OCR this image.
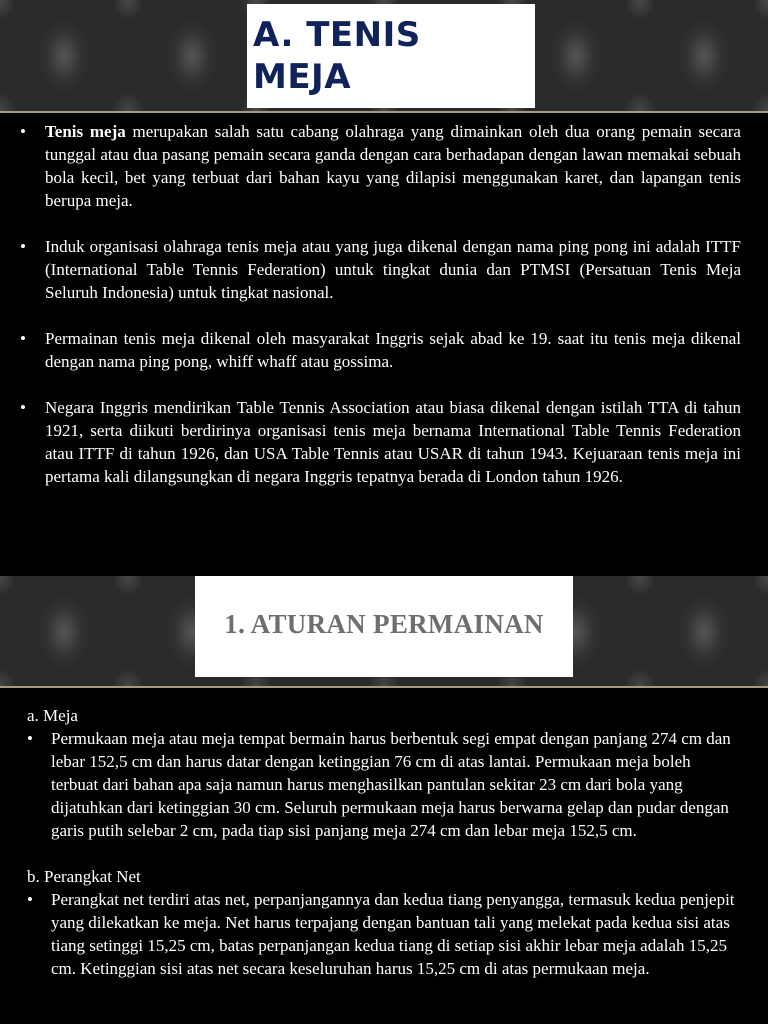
A. TENIS MEJA

• Tenis meja merupakan salah satu cabang olahraga yang dimainkan oleh dua orang pemain secara tunggal atau dua pasang pemain secara ganda dengan cara berhadapan dengan lawan memakai sebuah bola kecil, bet yang terbuat dari bahan kayu yang dilapisi menggunakan karet, dan lapangan tenis berupa meja.

• Induk organisasi olahraga tenis meja atau yang juga dikenal dengan nama ping pong ini adalah ITTF (International Table Tennis Federation) untuk tingkat dunia dan PTMSI (Persatuan Tenis Meja Seluruh Indonesia) untuk tingkat nasional.

• Permainan tenis meja dikenal oleh masyarakat Inggris sejak abad ke 19. saat itu tenis meja dikenal dengan nama ping pong, whiff whaff atau gossima.

• Negara Inggris mendirikan Table Tennis Association atau biasa dikenal dengan istilah TTA di tahun 1921, serta diikuti berdirinya organisasi tenis meja bernama International Table Tennis Federation atau ITTF di tahun 1926, dan USA Table Tennis atau USAR di tahun 1943. Kejuaraan tenis meja ini pertama kali dilangsungkan di negara Inggris tepatnya berada di London tahun 1926.

1. ATURAN PERMAINAN
a. Meja

• Permukaan meja atau meja tempat bermain harus berbentuk segi empat dengan panjang 274 cm dan lebar 152,5 cm dan harus datar dengan ketinggian 76 cm di atas lantai. Permukaan meja boleh terbuat dari bahan apa saja namun harus menghasilkan pantulan sekitar 23 cm dari bola yang dijatuhkan dari ketinggian 30 cm. Seluruh permukaan meja harus berwarna gelap dan pudar dengan garis putih selebar 2 cm, pada tiap sisi panjang meja 274 cm dan lebar meja 152,5 cm.

b. Perangkat Net

• Perangkat net terdiri atas net, perpanjangannya dan kedua tiang penyangga, termasuk kedua penjepit yang dilekatkan ke meja. Net harus terpajang dengan bantuan tali yang melekat pada kedua sisi atas tiang setinggi 15,25 cm, batas perpanjangan kedua tiang di setiap sisi akhir lebar meja adalah 15,25 cm. Ketinggian sisi atas net secara keseluruhan harus 15,25 cm di atas permukaan meja.
